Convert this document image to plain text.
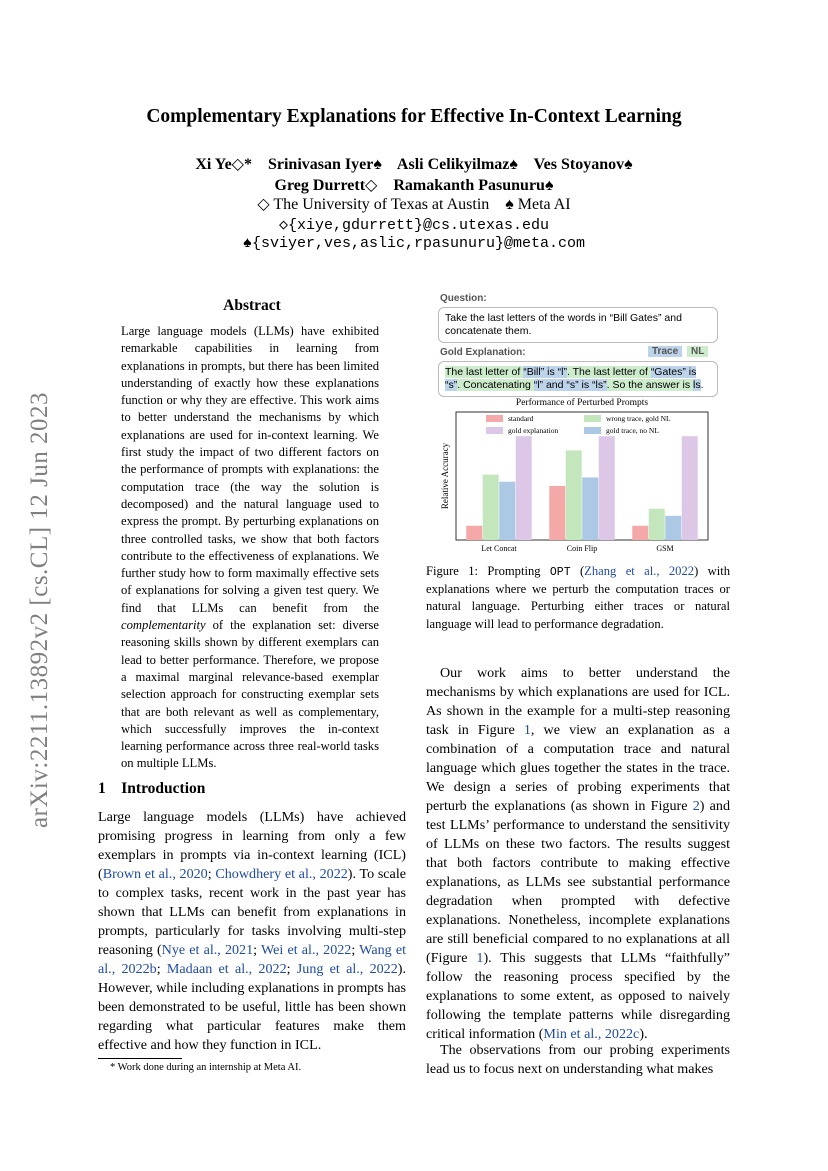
arXiv:2211.13892v2 [cs.CL] 12 Jun 2023
Complementary Explanations for Effective In-Context Learning
Xi Ye◇*    Srinivasan Iyer♠    Asli Celikyilmaz♠    Ves Stoyanov♠
Greg Durrett◇    Ramakanth Pasunuru♠
◇ The University of Texas at Austin    ♠ Meta AI
◇{xiye,gdurrett}@cs.utexas.edu
♠{sviyer,ves,aslic,rpasunuru}@meta.com
Abstract
Large language models (LLMs) have exhibited remarkable capabilities in learning from explanations in prompts, but there has been limited understanding of exactly how these explanations function or why they are effective. This work aims to better understand the mechanisms by which explanations are used for in-context learning. We first study the impact of two different factors on the performance of prompts with explanations: the computation trace (the way the solution is decomposed) and the natural language used to express the prompt. By perturbing explanations on three controlled tasks, we show that both factors contribute to the effectiveness of explanations. We further study how to form maximally effective sets of explanations for solving a given test query. We find that LLMs can benefit from the complementarity of the explanation set: diverse reasoning skills shown by different exemplars can lead to better performance. Therefore, we propose a maximal marginal relevance-based exemplar selection approach for constructing exemplar sets that are both relevant as well as complementary, which successfully improves the in-context learning performance across three real-world tasks on multiple LLMs.
1    Introduction
Large language models (LLMs) have achieved promising progress in learning from only a few exemplars in prompts via in-context learning (ICL) (Brown et al., 2020; Chowdhery et al., 2022). To scale to complex tasks, recent work in the past year has shown that LLMs can benefit from explanations in prompts, particularly for tasks involving multi-step reasoning (Nye et al., 2021; Wei et al., 2022; Wang et al., 2022b; Madaan et al., 2022; Jung et al., 2022). However, while including explanations in prompts has been demonstrated to be useful, little has been shown regarding what particular features make them effective and how they function in ICL.
* Work done during an internship at Meta AI.
Question:
Take the last letters of the words in “Bill Gates” and concatenate them.
Gold Explanation:	Trace	NL
The last letter of “Bill” is “l”. The last letter of “Gates” is “s”. Concatenating “l” and “s” is “ls”. So the answer is ls.
Performance of Perturbed Prompts
Relative Accuracy
standard	wrong trace, gold NL
gold explanation	gold trace, no NL
Let Concat	Coin Flip	GSM
Figure 1: Prompting OPT (Zhang et al., 2022) with explanations where we perturb the computation traces or natural language. Perturbing either traces or natural language will lead to performance degradation.
Our work aims to better understand the mechanisms by which explanations are used for ICL. As shown in the example for a multi-step reasoning task in Figure 1, we view an explanation as a combination of a computation trace and natural language which glues together the states in the trace. We design a series of probing experiments that perturb the explanations (as shown in Figure 2) and test LLMs’ performance to understand the sensitivity of LLMs on these two factors. The results suggest that both factors contribute to making effective explanations, as LLMs see substantial performance degradation when prompted with defective explanations. Nonetheless, incomplete explanations are still beneficial compared to no explanations at all (Figure 1). This suggests that LLMs “faithfully” follow the reasoning process specified by the explanations to some extent, as opposed to naively following the template patterns while disregarding critical information (Min et al., 2022c).
The observations from our probing experiments lead us to focus next on understanding what makes
